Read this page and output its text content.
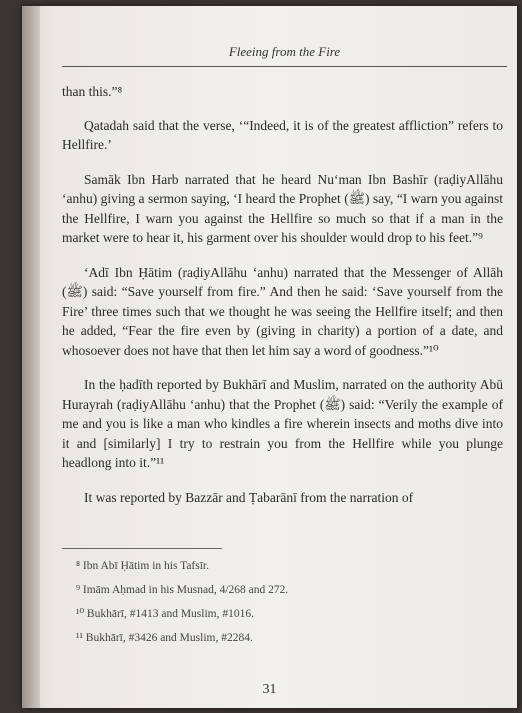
Fleeing from the Fire

than this.”⁸

Qatadah said that the verse, ‘“Indeed, it is of the greatest affliction” refers to Hellfire.’

Samāk Ibn Harb narrated that he heard Nu‘man Ibn Bashīr (raḍiyAllāhu ‘anhu) giving a sermon saying, ‘I heard the Prophet (ﷺ) say, “I warn you against the Hellfire, I warn you against the Hellfire so much so that if a man in the market were to hear it, his garment over his shoulder would drop to his feet.”⁹

‘Adī Ibn Ḥātim (raḍiyAllāhu ‘anhu) narrated that the Messenger of Allāh (ﷺ) said: “Save yourself from fire.” And then he said: ‘Save yourself from the Fire’ three times such that we thought he was seeing the Hellfire itself; and then he added, “Fear the fire even by (giving in charity) a portion of a date, and whosoever does not have that then let him say a word of goodness.”¹⁰

In the ḥadīth reported by Bukhārī and Muslim, narrated on the authority Abū Hurayrah (raḍiyAllāhu ‘anhu) that the Prophet (ﷺ) said: “Verily the example of me and you is like a man who kindles a fire wherein insects and moths dive into it and [similarly] I try to restrain you from the Hellfire while you plunge headlong into it.”¹¹

It was reported by Bazzār and Ṭabarānī from the narration of

⁸ Ibn Abī Ḥātim in his Tafsīr.
⁹ Imām Aḥmad in his Musnad, 4/268 and 272.
¹⁰ Bukhārī, #1413 and Muslim, #1016.
¹¹ Bukhārī, #3426 and Muslim, #2284.
31
